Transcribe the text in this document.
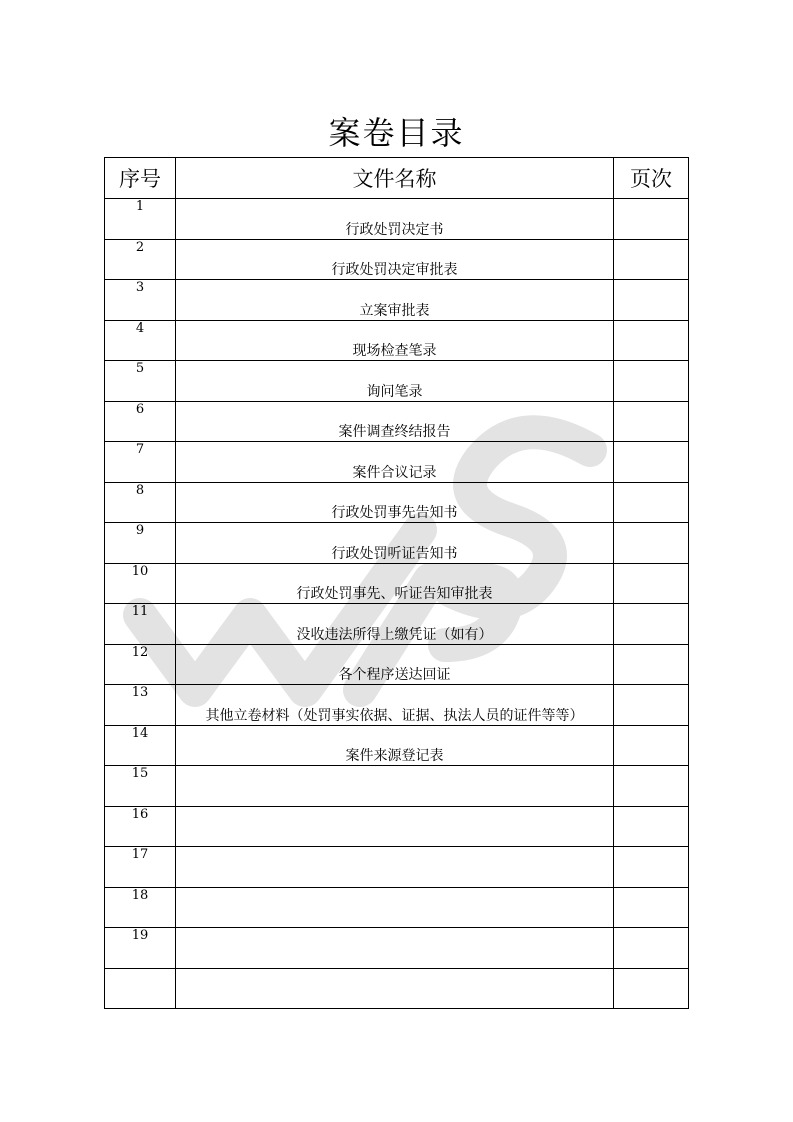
案卷目录
序号	文件名称	页次
1	行政处罚决定书	
2	行政处罚决定审批表	
3	立案审批表	
4	现场检查笔录	
5	询问笔录	
6	案件调查终结报告	
7	案件合议记录	
8	行政处罚事先告知书	
9	行政处罚听证告知书	
10	行政处罚事先、听证告知审批表	
11	没收违法所得上缴凭证（如有）	
12	各个程序送达回证	
13	其他立卷材料（处罚事实依据、证据、执法人员的证件等等）	
14	案件来源登记表	
15		
16		
17		
18		
19		
